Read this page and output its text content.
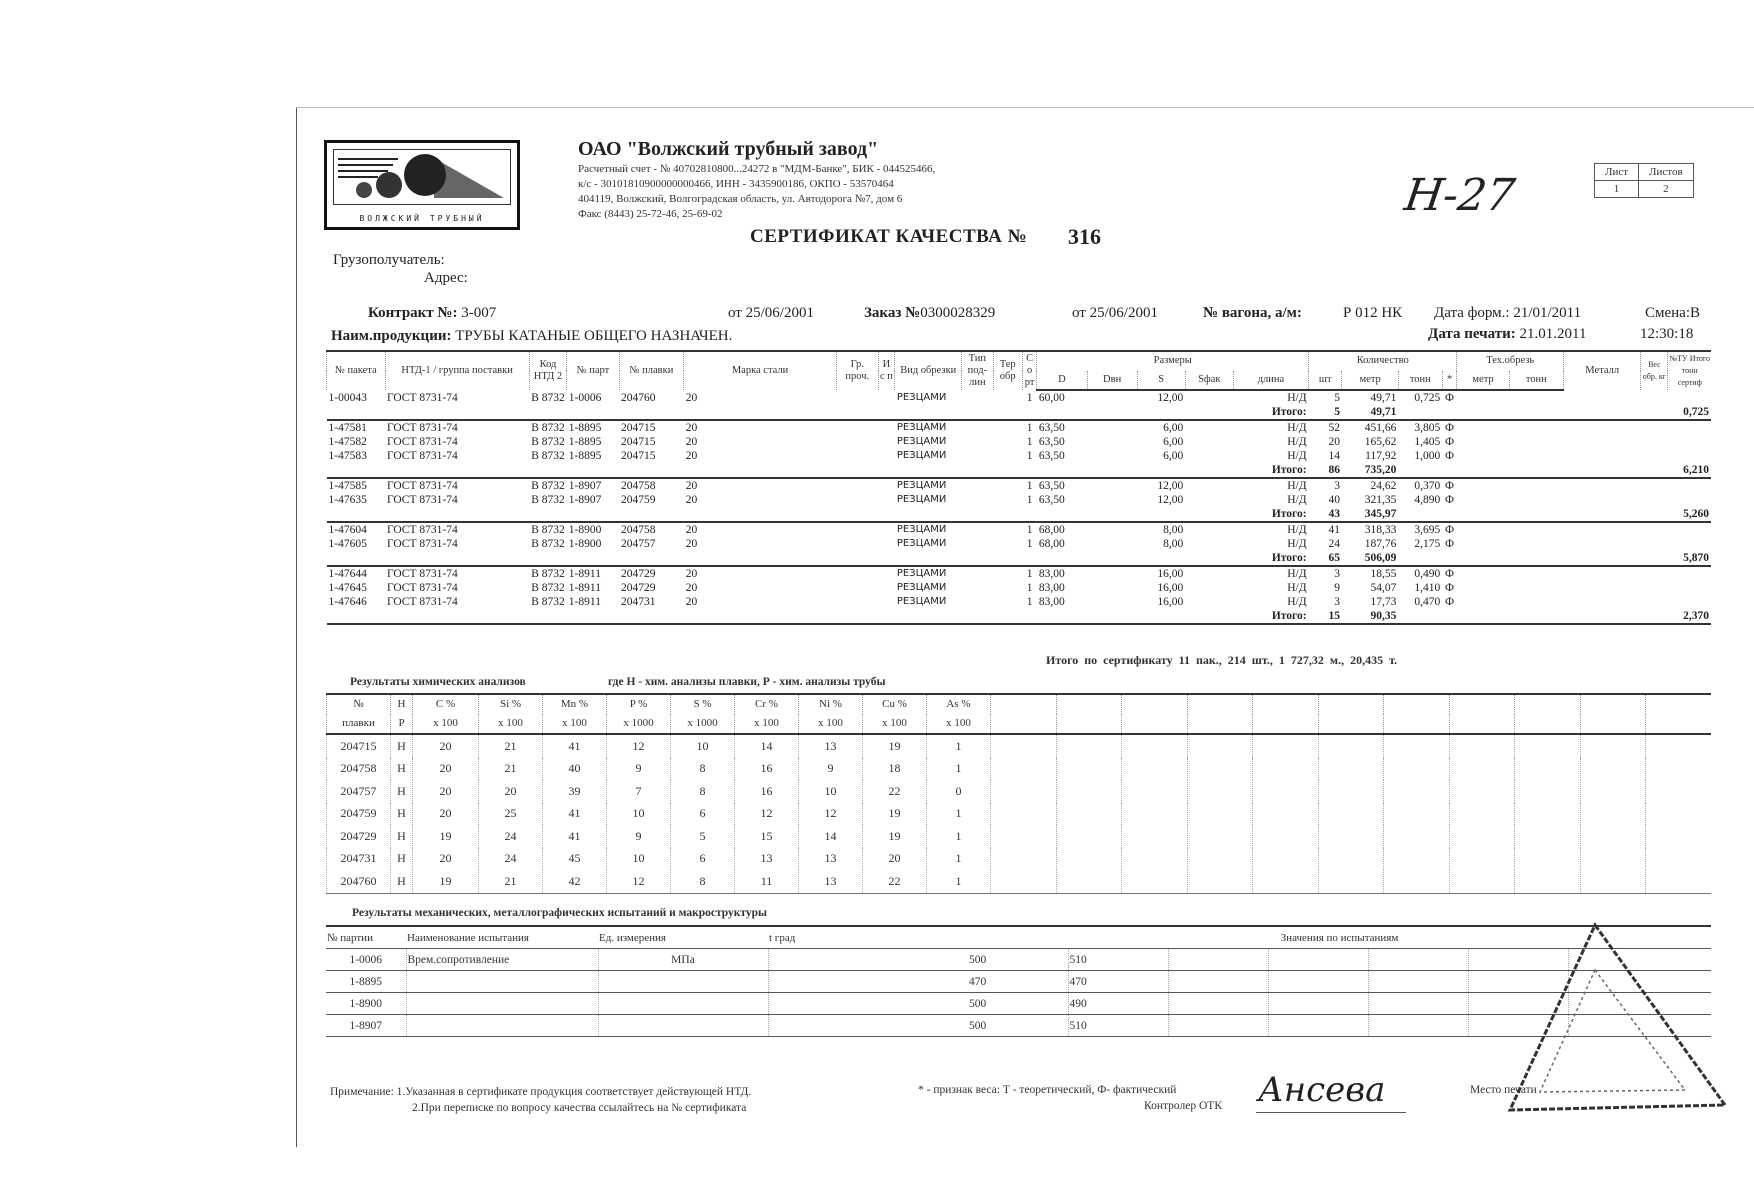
ВОЛЖСКИЙ ТРУБНЫЙ
ОАО "Волжский трубный завод"
Расчетный счет - № 40702810800...24272 в "МДМ-Банке", БИК - 044525466,
к/с - 30101810900000000466, ИНН - 3435900186, ОКПО - 53570464
404119, Волжский, Волгоградская область, ул. Автодорога №7, дом 6
Факс (8443) 25-72-46, 25-69-02	Н-27	Лист	Листов
1	2
СЕРТИФИКАТ КАЧЕСТВА № 316
Грузополучатель:
Адрес:
Контракт №: 3-007	от 25/06/2001	Заказ №0300028329	от 25/06/2001	№ вагона, а/м:	Р 012 НК Дата форм.: 21/01/2011	Смена:В
Наим.продукции: ТРУБЫ КАТАНЫЕ ОБЩЕГО НАЗНАЧЕН.	Дата печати: 21.01.2011	12:30:18
№ пакета	НТД-1 / группа поставки	Код НТД 2	№ парт	№ плавки	Марка стали	Гр. проч.	И с п	Вид обрезки	Тип под-лин	Тер обр	С о рт	Размеры					Количество				Тех.обрезь		Металл	Вес обр. кг	№ТУ Итого тонн сертиф
												D	Dвн	S	Sфак	длина	шт	метр	тонн	*	метр	тонн			
1-00043	ГОСТ 8731-74	В 8732	1-0006	204760	20			РЕЗЦАМИ			1	60,00		12,00		Н/Д	5	49,71	0,725	Ф					
																Итого:	5	49,71							0,725
1-47581	ГОСТ 8731-74	В 8732	1-8895	204715	20			РЕЗЦАМИ			1	63,50		6,00		Н/Д	52	451,66	3,805	Ф					
1-47582	ГОСТ 8731-74	В 8732	1-8895	204715	20			РЕЗЦАМИ			1	63,50		6,00		Н/Д	20	165,62	1,405	Ф					
1-47583	ГОСТ 8731-74	В 8732	1-8895	204715	20			РЕЗЦАМИ			1	63,50		6,00		Н/Д	14	117,92	1,000	Ф					
																Итого:	86	735,20							6,210
1-47585	ГОСТ 8731-74	В 8732	1-8907	204758	20			РЕЗЦАМИ			1	63,50		12,00		Н/Д	3	24,62	0,370	Ф					
1-47635	ГОСТ 8731-74	В 8732	1-8907	204759	20			РЕЗЦАМИ			1	63,50		12,00		Н/Д	40	321,35	4,890	Ф					
																Итого:	43	345,97							5,260
1-47604	ГОСТ 8731-74	В 8732	1-8900	204758	20			РЕЗЦАМИ			1	68,00		8,00		Н/Д	41	318,33	3,695	Ф					
1-47605	ГОСТ 8731-74	В 8732	1-8900	204757	20			РЕЗЦАМИ			1	68,00		8,00		Н/Д	24	187,76	2,175	Ф					
																Итого:	65	506,09							5,870
1-47644	ГОСТ 8731-74	В 8732	1-8911	204729	20			РЕЗЦАМИ			1	83,00		16,00		Н/Д	3	18,55	0,490	Ф					
1-47645	ГОСТ 8731-74	В 8732	1-8911	204729	20			РЕЗЦАМИ			1	83,00		16,00		Н/Д	9	54,07	1,410	Ф					
1-47646	ГОСТ 8731-74	В 8732	1-8911	204731	20			РЕЗЦАМИ			1	83,00		16,00		Н/Д	3	17,73	0,470	Ф					
																Итого:	15	90,35							2,370
Итого по сертификату 11 пак., 214 шт., 1 727,32 м., 20,435 т.
Результаты химических анализов	где Н - хим. анализы плавки, Р - хим. анализы трубы
№	Н	С %	Si %	Mn %	P %	S %	Cr %	Ni %	Cu %	As %											
плавки	Р	х 100	х 100	х 100	х 1000	х 1000	х 100	х 100	х 100	х 100											
204715	Н	20	21	41	12	10	14	13	19	1											
204758	Н	20	21	40	9	8	16	9	18	1											
204757	Н	20	20	39	7	8	16	10	22	0											
204759	Н	20	25	41	10	6	12	12	19	1											
204729	Н	19	24	41	9	5	15	14	19	1											
204731	Н	20	24	45	10	6	13	13	20	1											
204760	Н	19	21	42	12	8	11	13	22	1											
Результаты механических, металлографических испытаний и макроструктуры
№ партии	Наименование испытания	Ед. измерения	t град	Значения по испытаниям						
1-0006	Врем.сопротивление	МПа		500	510					
1-8895				470	470					
1-8900				500	490					
1-8907				500	510					
Примечание: 1.Указанная в сертификате продукция соответствует действующей НТД.
2.При переписке по вопросу качества ссылайтесь на № сертификата
* - признак веса: Т - теоретический, Ф- фактический
Контролер ОТК Ансева	Место печати
